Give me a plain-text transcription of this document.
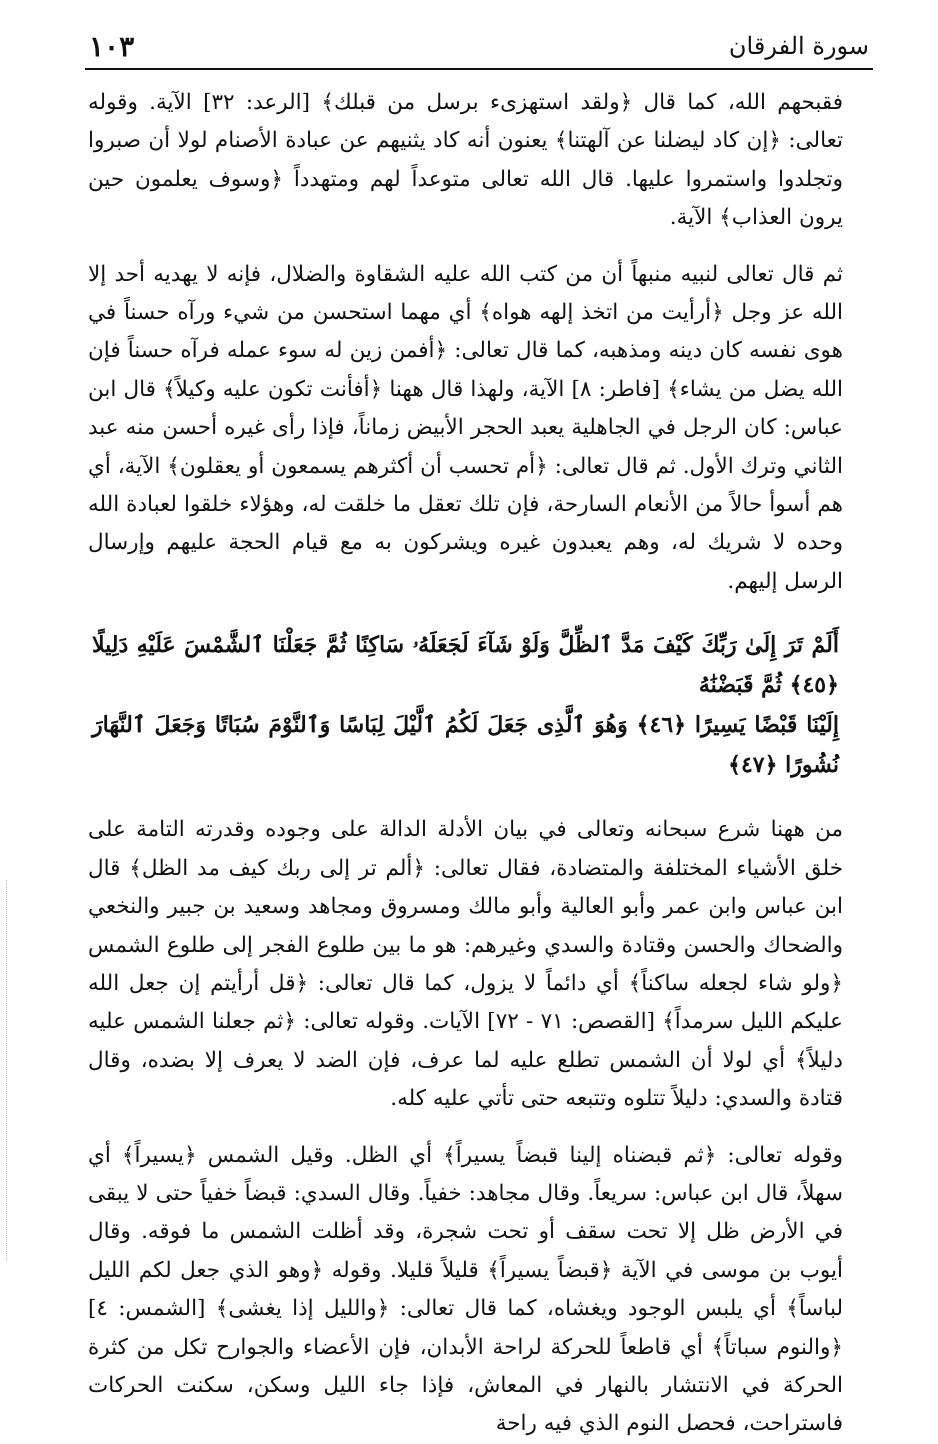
سورة الفرقان
١٠٣

فقبحهم الله، كما قال ﴿ولقد استهزىء برسل من قبلك﴾ [الرعد: ٣٢] الآية. وقوله تعالى: ﴿إن كاد ليضلنا عن آلهتنا﴾ يعنون أنه كاد يثنيهم عن عبادة الأصنام لولا أن صبروا وتجلدوا واستمروا عليها. قال الله تعالى متوعداً لهم ومتهدداً ﴿وسوف يعلمون حين يرون العذاب﴾ الآية.

ثم قال تعالى لنبيه منبهاً أن من كتب الله عليه الشقاوة والضلال، فإنه لا يهديه أحد إلا الله عز وجل ﴿أرأيت من اتخذ إلهه هواه﴾ أي مهما استحسن من شيء ورآه حسناً في هوى نفسه كان دينه ومذهبه، كما قال تعالى: ﴿أفمن زين له سوء عمله فرآه حسناً فإن الله يضل من يشاء﴾ [فاطر: ٨] الآية، ولهذا قال ههنا ﴿أفأنت تكون عليه وكيلاً﴾ قال ابن عباس: كان الرجل في الجاهلية يعبد الحجر الأبيض زماناً، فإذا رأى غيره أحسن منه عبد الثاني وترك الأول. ثم قال تعالى: ﴿أم تحسب أن أكثرهم يسمعون أو يعقلون﴾ الآية، أي هم أسوأ حالاً من الأنعام السارحة، فإن تلك تعقل ما خلقت له، وهؤلاء خلقوا لعبادة الله وحده لا شريك له، وهم يعبدون غيره ويشركون به مع قيام الحجة عليهم وإرسال الرسل إليهم.

أَلَمْ تَرَ إِلَىٰ رَبِّكَ كَيْفَ مَدَّ ٱلظِّلَّ وَلَوْ شَآءَ لَجَعَلَهُۥ سَاكِنًا ثُمَّ جَعَلْنَا ٱلشَّمْسَ عَلَيْهِ دَلِيلًا ﴿٤٥﴾ ثُمَّ قَبَضْنَٰهُ
إِلَيْنَا قَبْضًا يَسِيرًا ﴿٤٦﴾ وَهُوَ ٱلَّذِى جَعَلَ لَكُمُ ٱلَّيْلَ لِبَاسًا وَٱلنَّوْمَ سُبَاتًا وَجَعَلَ ٱلنَّهَارَ نُشُورًا ﴿٤٧﴾

من ههنا شرع سبحانه وتعالى في بيان الأدلة الدالة على وجوده وقدرته التامة على خلق الأشياء المختلفة والمتضادة، فقال تعالى: ﴿ألم تر إلى ربك كيف مد الظل﴾ قال ابن عباس وابن عمر وأبو العالية وأبو مالك ومسروق ومجاهد وسعيد بن جبير والنخعي والضحاك والحسن وقتادة والسدي وغيرهم: هو ما بين طلوع الفجر إلى طلوع الشمس ﴿ولو شاء لجعله ساكناً﴾ أي دائماً لا يزول، كما قال تعالى: ﴿قل أرأيتم إن جعل الله عليكم الليل سرمداً﴾ [القصص: ٧١ - ٧٢] الآيات. وقوله تعالى: ﴿ثم جعلنا الشمس عليه دليلاً﴾ أي لولا أن الشمس تطلع عليه لما عرف، فإن الضد لا يعرف إلا بضده، وقال قتادة والسدي: دليلاً تتلوه وتتبعه حتى تأتي عليه كله.

وقوله تعالى: ﴿ثم قبضناه إلينا قبضاً يسيراً﴾ أي الظل. وقيل الشمس ﴿يسيراً﴾ أي سهلاً، قال ابن عباس: سريعاً. وقال مجاهد: خفياً. وقال السدي: قبضاً خفياً حتى لا يبقى في الأرض ظل إلا تحت سقف أو تحت شجرة، وقد أظلت الشمس ما فوقه. وقال أيوب بن موسى في الآية ﴿قبضاً يسيراً﴾ قليلاً قليلا. وقوله ﴿وهو الذي جعل لكم الليل لباساً﴾ أي يلبس الوجود ويغشاه، كما قال تعالى: ﴿والليل إذا يغشى﴾ [الشمس: ٤] ﴿والنوم سباتاً﴾ أي قاطعاً للحركة لراحة الأبدان، فإن الأعضاء والجوارح تكل من كثرة الحركة في الانتشار بالنهار في المعاش، فإذا جاء الليل وسكن، سكنت الحركات فاستراحت، فحصل النوم الذي فيه راحة
